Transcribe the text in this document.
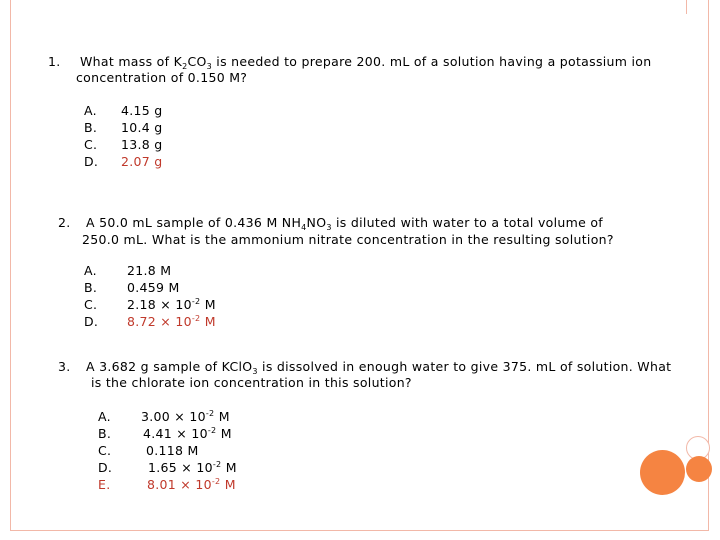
1. What mass of $K_2CO_3$ is needed to prepare 200. mL of a solution having a potassium ion
concentration of 0.150 M?
A. 4.15 g
B. 10.4 g
C. 13.8 g
D. 2.07 g
2. A 50.0 mL sample of 0.436 M $NH_4NO_3$ is diluted with water to a total volume of
250.0 mL. What is the ammonium nitrate concentration in the resulting solution?
A. 21.8 M
B. 0.459 M
C. $2.18 \times 10^{-2}$ M
D. $8.72 \times 10^{-2}$ M
3. A 3.682 g sample of KClO$_3$ is dissolved in enough water to give 375. mL of solution. What
is the chlorate ion concentration in this solution?
A. $3.00 \times 10^{-2}$ M
B.	$4.41 \times 10^{-2}$ M
C.	0.118 M
D.	$1.65 \times 10^{-2}$ M
E.	$8.01 \times 10^{-2}$ M
